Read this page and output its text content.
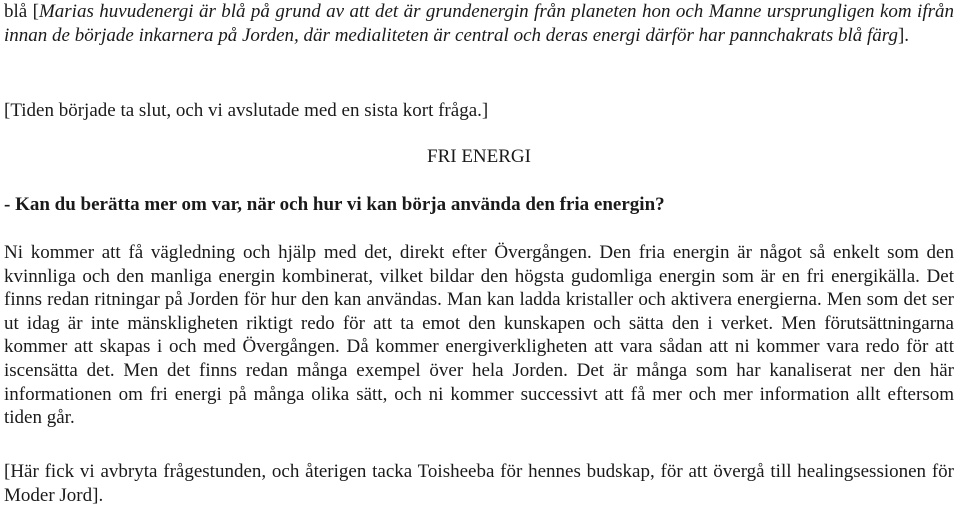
blå [Marias huvudenergi är blå på grund av att det är grundenergin från planeten hon och Manne ursprungligen kom ifrån innan de började inkarnera på Jorden, där medialiteten är central och deras energi därför har pannchakrats blå färg].

[Tiden började ta slut, och vi avslutade med en sista kort fråga.]

FRI ENERGI

- Kan du berätta mer om var, när och hur vi kan börja använda den fria energin?

Ni kommer att få vägledning och hjälp med det, direkt efter Övergången. Den fria energin är något så enkelt som den kvinnliga och den manliga energin kombinerat, vilket bildar den högsta gudomliga energin som är en fri energikälla. Det finns redan ritningar på Jorden för hur den kan användas. Man kan ladda kristaller och aktivera energierna. Men som det ser ut idag är inte mänskligheten riktigt redo för att ta emot den kunskapen och sätta den i verket. Men förutsättningarna kommer att skapas i och med Övergången. Då kommer energiverkligheten att vara sådan att ni kommer vara redo för att iscensätta det. Men det finns redan många exempel över hela Jorden. Det är många som har kanaliserat ner den här informationen om fri energi på många olika sätt, och ni kommer successivt att få mer och mer information allt eftersom tiden går.

[Här fick vi avbryta frågestunden, och återigen tacka Toisheeba för hennes budskap, för att övergå till healingsessionen för Moder Jord].
